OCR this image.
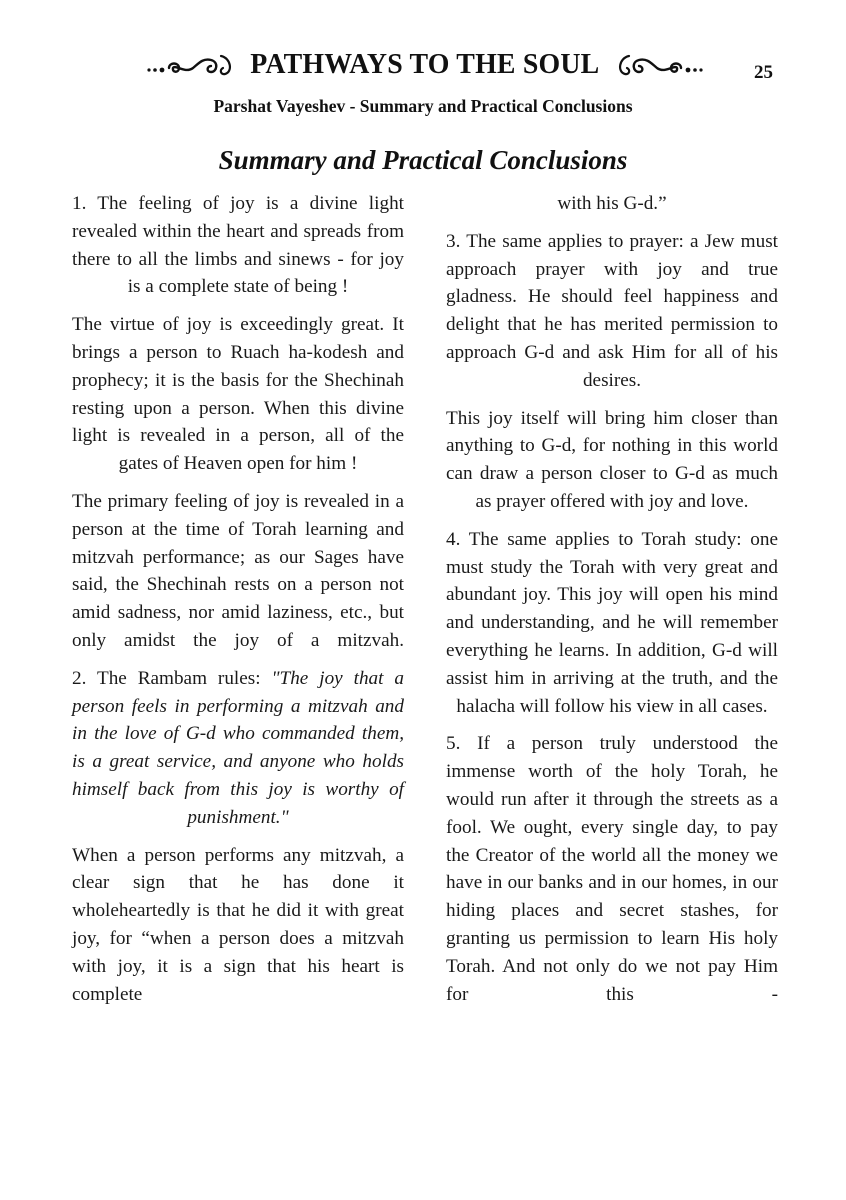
PATHWAYS TO THE SOUL	25
Parshat Vayeshev - Summary and Practical Conclusions
Summary and Practical Conclusions

1. The feeling of joy is a divine light revealed within the heart and spreads from there to all the limbs and sinews - for joy is a complete state of being !

The virtue of joy is exceedingly great. It brings a person to Ruach ha-kodesh and prophecy; it is the basis for the Shechinah resting upon a person. When this divine light is revealed in a person, all of the gates of Heaven open for him !

The primary feeling of joy is revealed in a person at the time of Torah learning and mitzvah performance; as our Sages have said, the Shechinah rests on a person not amid sadness, nor amid laziness, etc., but only amidst the joy of a mitzvah.

2. The Rambam rules: "The joy that a person feels in performing a mitzvah and in the love of G-d who commanded them, is a great service, and anyone who holds himself back from this joy is worthy of punishment."

When a person performs any mitzvah, a clear sign that he has done it wholeheartedly is that he did it with great joy, for “when a person does a mitzvah with joy, it is a sign that his heart is complete

with his G-d.”

3. The same applies to prayer: a Jew must approach prayer with joy and true gladness. He should feel happiness and delight that he has merited permission to approach G-d and ask Him for all of his desires.

This joy itself will bring him closer than anything to G-d, for nothing in this world can draw a person closer to G-d as much as prayer offered with joy and love.

4. The same applies to Torah study: one must study the Torah with very great and abundant joy. This joy will open his mind and understanding, and he will remember everything he learns. In addition, G-d will assist him in arriving at the truth, and the halacha will follow his view in all cases.

5. If a person truly understood the immense worth of the holy Torah, he would run after it through the streets as a fool. We ought, every single day, to pay the Creator of the world all the money we have in our banks and in our homes, in our hiding places and secret stashes, for granting us permission to learn His holy Torah. And not only do we not pay Him for this -
